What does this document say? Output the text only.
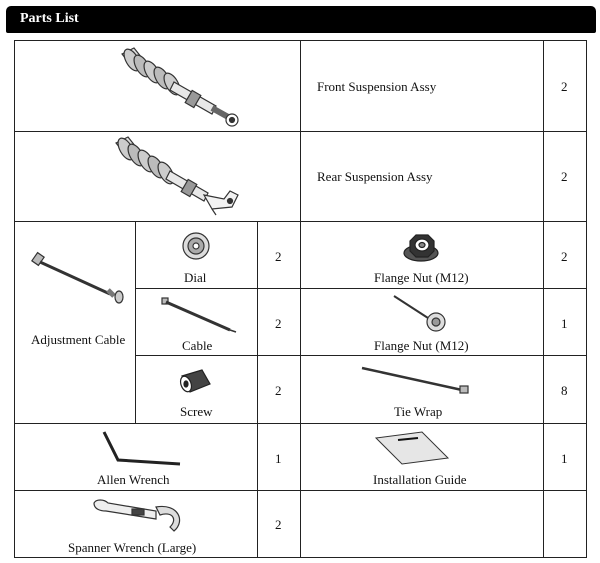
Parts List
Front Suspension Assy	2
Rear Suspension Assy	2
Adjustment Cable
Dial
2
Cable
2
Screw
2
Flange Nut (M12)
2
Flange Nut (M12)
1
Tie Wrap
8
Allen Wrench
1
Installation Guide
1
Spanner Wrench (Large)
2
